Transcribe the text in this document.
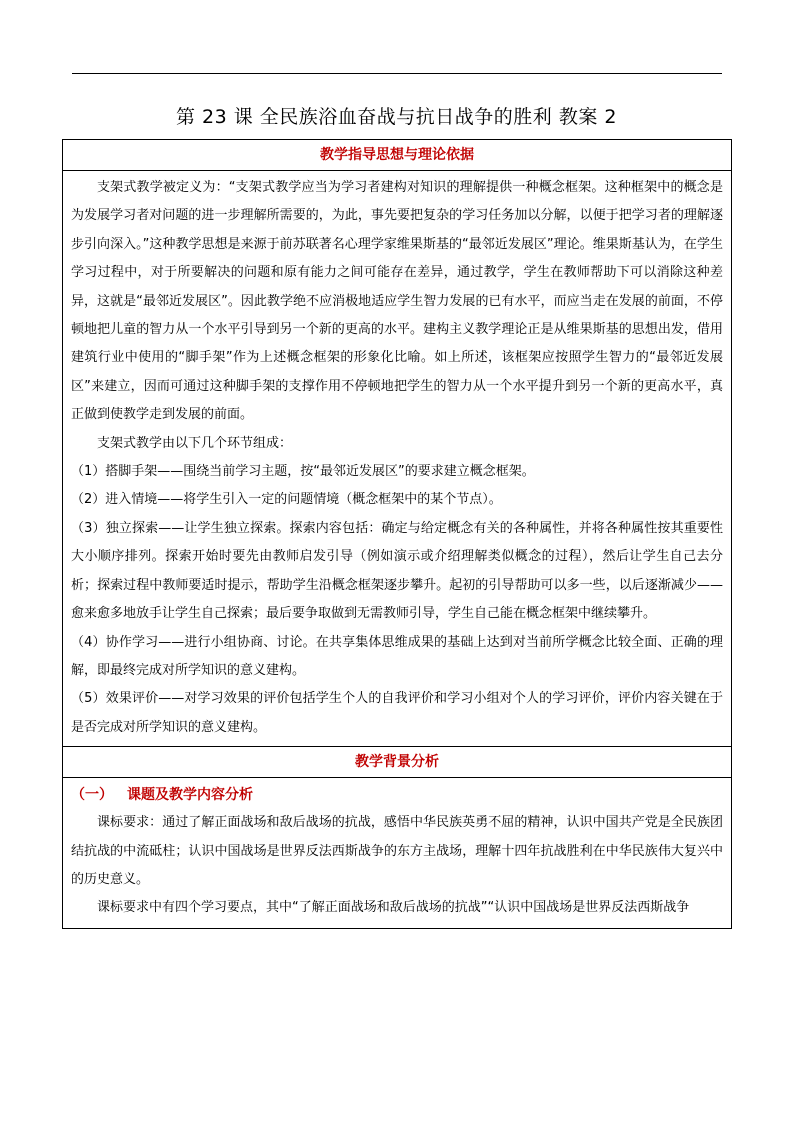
第 23 课 全民族浴血奋战与抗日战争的胜利 教案 2
教学指导思想与理论依据

支架式教学被定义为：“支架式教学应当为学习者建构对知识的理解提供一种概念框架。这种框架中的概念是为发展学习者对问题的进一步理解所需要的，为此，事先要把复杂的学习任务加以分解，以便于把学习者的理解逐步引向深入。”这种教学思想是来源于前苏联著名心理学家维果斯基的“最邻近发展区”理论。维果斯基认为，在学生学习过程中，对于所要解决的问题和原有能力之间可能存在差异，通过教学，学生在教师帮助下可以消除这种差异，这就是“最邻近发展区”。因此教学绝不应消极地适应学生智力发展的已有水平，而应当走在发展的前面，不停顿地把儿童的智力从一个水平引导到另一个新的更高的水平。建构主义教学理论正是从维果斯基的思想出发，借用建筑行业中使用的“脚手架”作为上述概念框架的形象化比喻。如上所述，该框架应按照学生智力的“最邻近发展区”来建立，因而可通过这种脚手架的支撑作用不停顿地把学生的智力从一个水平提升到另一个新的更高水平，真正做到使教学走到发展的前面。

支架式教学由以下几个环节组成：

（1）搭脚手架——围绕当前学习主题，按“最邻近发展区”的要求建立概念框架。

（2）进入情境——将学生引入一定的问题情境（概念框架中的某个节点）。

（3）独立探索——让学生独立探索。探索内容包括：确定与给定概念有关的各种属性，并将各种属性按其重要性大小顺序排列。探索开始时要先由教师启发引导（例如演示或介绍理解类似概念的过程），然后让学生自己去分析；探索过程中教师要适时提示，帮助学生沿概念框架逐步攀升。起初的引导帮助可以多一些，以后逐渐减少——愈来愈多地放手让学生自己探索；最后要争取做到无需教师引导，学生自己能在概念框架中继续攀升。

（4）协作学习——进行小组协商、讨论。在共享集体思维成果的基础上达到对当前所学概念比较全面、正确的理解，即最终完成对所学知识的意义建构。

（5）效果评价——对学习效果的评价包括学生个人的自我评价和学习小组对个人的学习评价，评价内容关键在于是否完成对所学知识的意义建构。

教学背景分析
（一） 课题及教学内容分析

课标要求：通过了解正面战场和敌后战场的抗战，感悟中华民族英勇不屈的精神，认识中国共产党是全民族团结抗战的中流砥柱；认识中国战场是世界反法西斯战争的东方主战场，理解十四年抗战胜利在中华民族伟大复兴中的历史意义。

课标要求中有四个学习要点，其中“了解正面战场和敌后战场的抗战”“认识中国战场是世界反法西斯战争
